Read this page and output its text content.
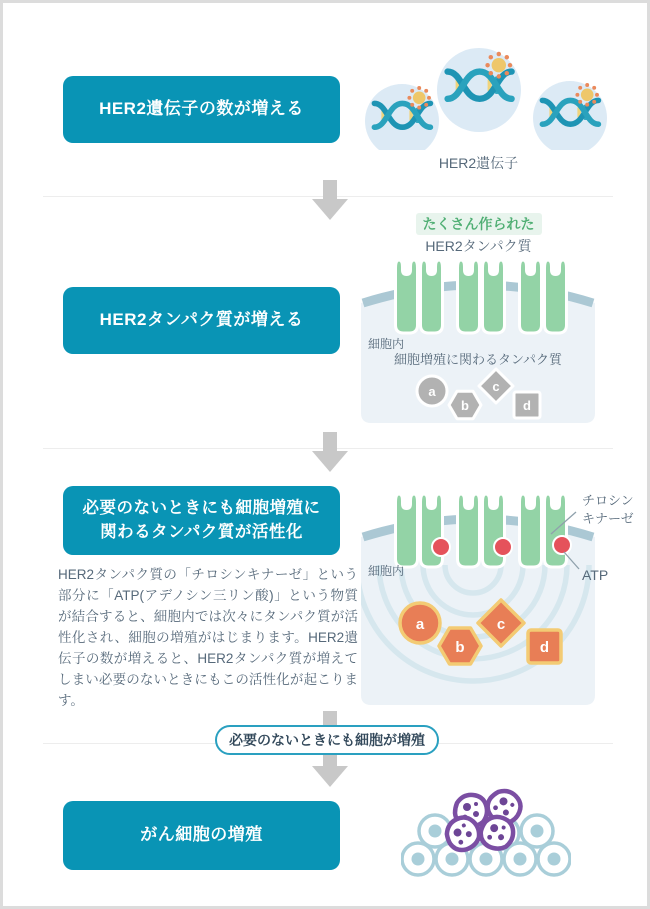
HER2遺伝子の数が増える
HER2遺伝子
たくさん作られた
HER2タンパク質
HER2タンパク質が増える
細胞内
細胞増殖に関わるタンパク質
a
b
c
d
必要のないときにも細胞増殖に
関わるタンパク質が活性化
HER2タンパク質の「チロシンキナーゼ」という部分に「ATP(アデノシン三リン酸)」という物質が結合すると、細胞内では次々にタンパク質が活性化され、細胞の増殖がはじまります。HER2遺伝子の数が増えると、HER2タンパク質が増えてしまい必要のないときにもこの活性化が起こります。
細胞内
チロシン
キナーゼ
ATP
a
b
c
d
必要のないときにも細胞が増殖
がん細胞の増殖
